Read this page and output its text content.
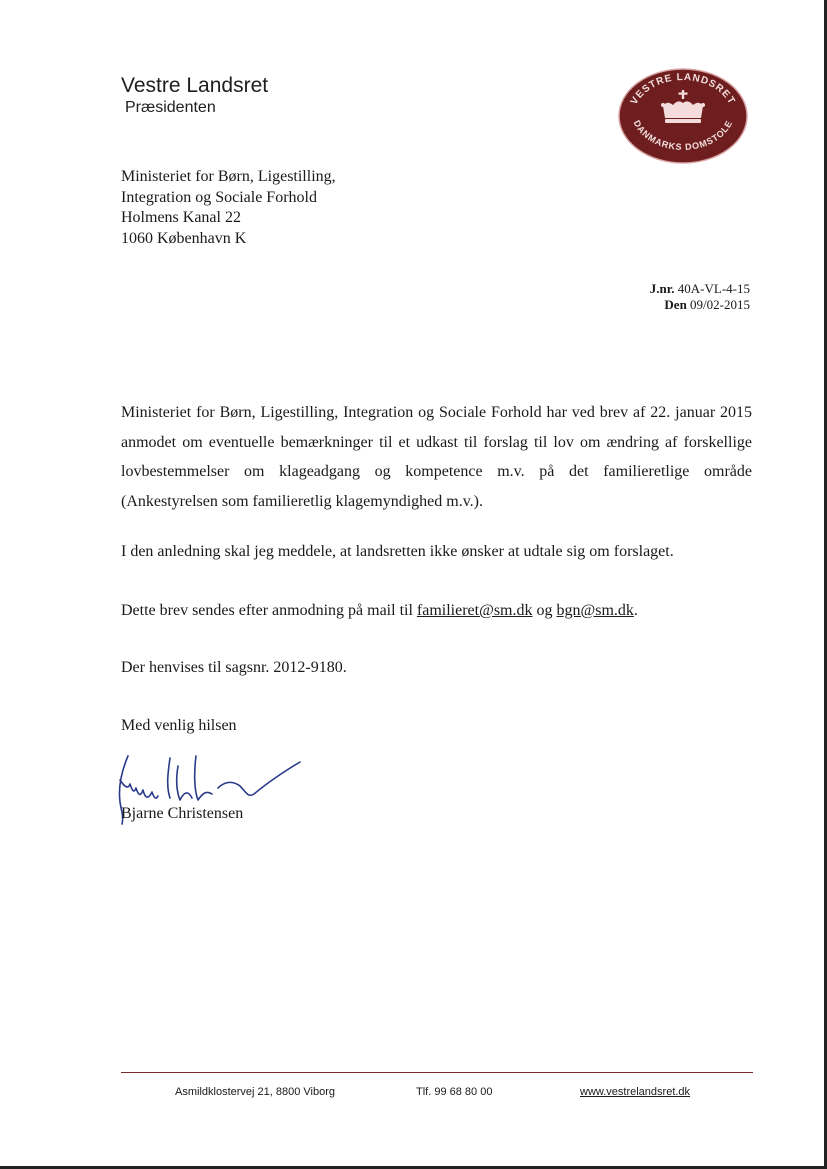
Vestre Landsret
Præsidenten	VESTRE LANDSRET
DANMARKS DOMSTOLE
Ministeriet for Børn, Ligestilling,
Integration og Sociale Forhold
Holmens Kanal 22
1060 København K
J.nr. 40A-VL-4-15
Den 09/02-2015
Ministeriet for Børn, Ligestilling, Integration og Sociale Forhold har ved brev af 22. januar 2015 anmodet om eventuelle bemærkninger til et udkast til forslag til lov om ændring af forskellige lovbestemmelser om klageadgang og kompetence m.v. på det familieretlige område (Ankestyrelsen som familieretlig klagemyndighed m.v.).
I den anledning skal jeg meddele, at landsretten ikke ønsker at udtale sig om forslaget.
Dette brev sendes efter anmodning på mail til familieret@sm.dk og bgn@sm.dk.
Der henvises til sagsnr. 2012-9180.
Med venlig hilsen
Bjarne Christensen
Asmildklostervej 21, 8800 Viborg	Tlf. 99 68 80 00	www.vestrelandsret.dk
